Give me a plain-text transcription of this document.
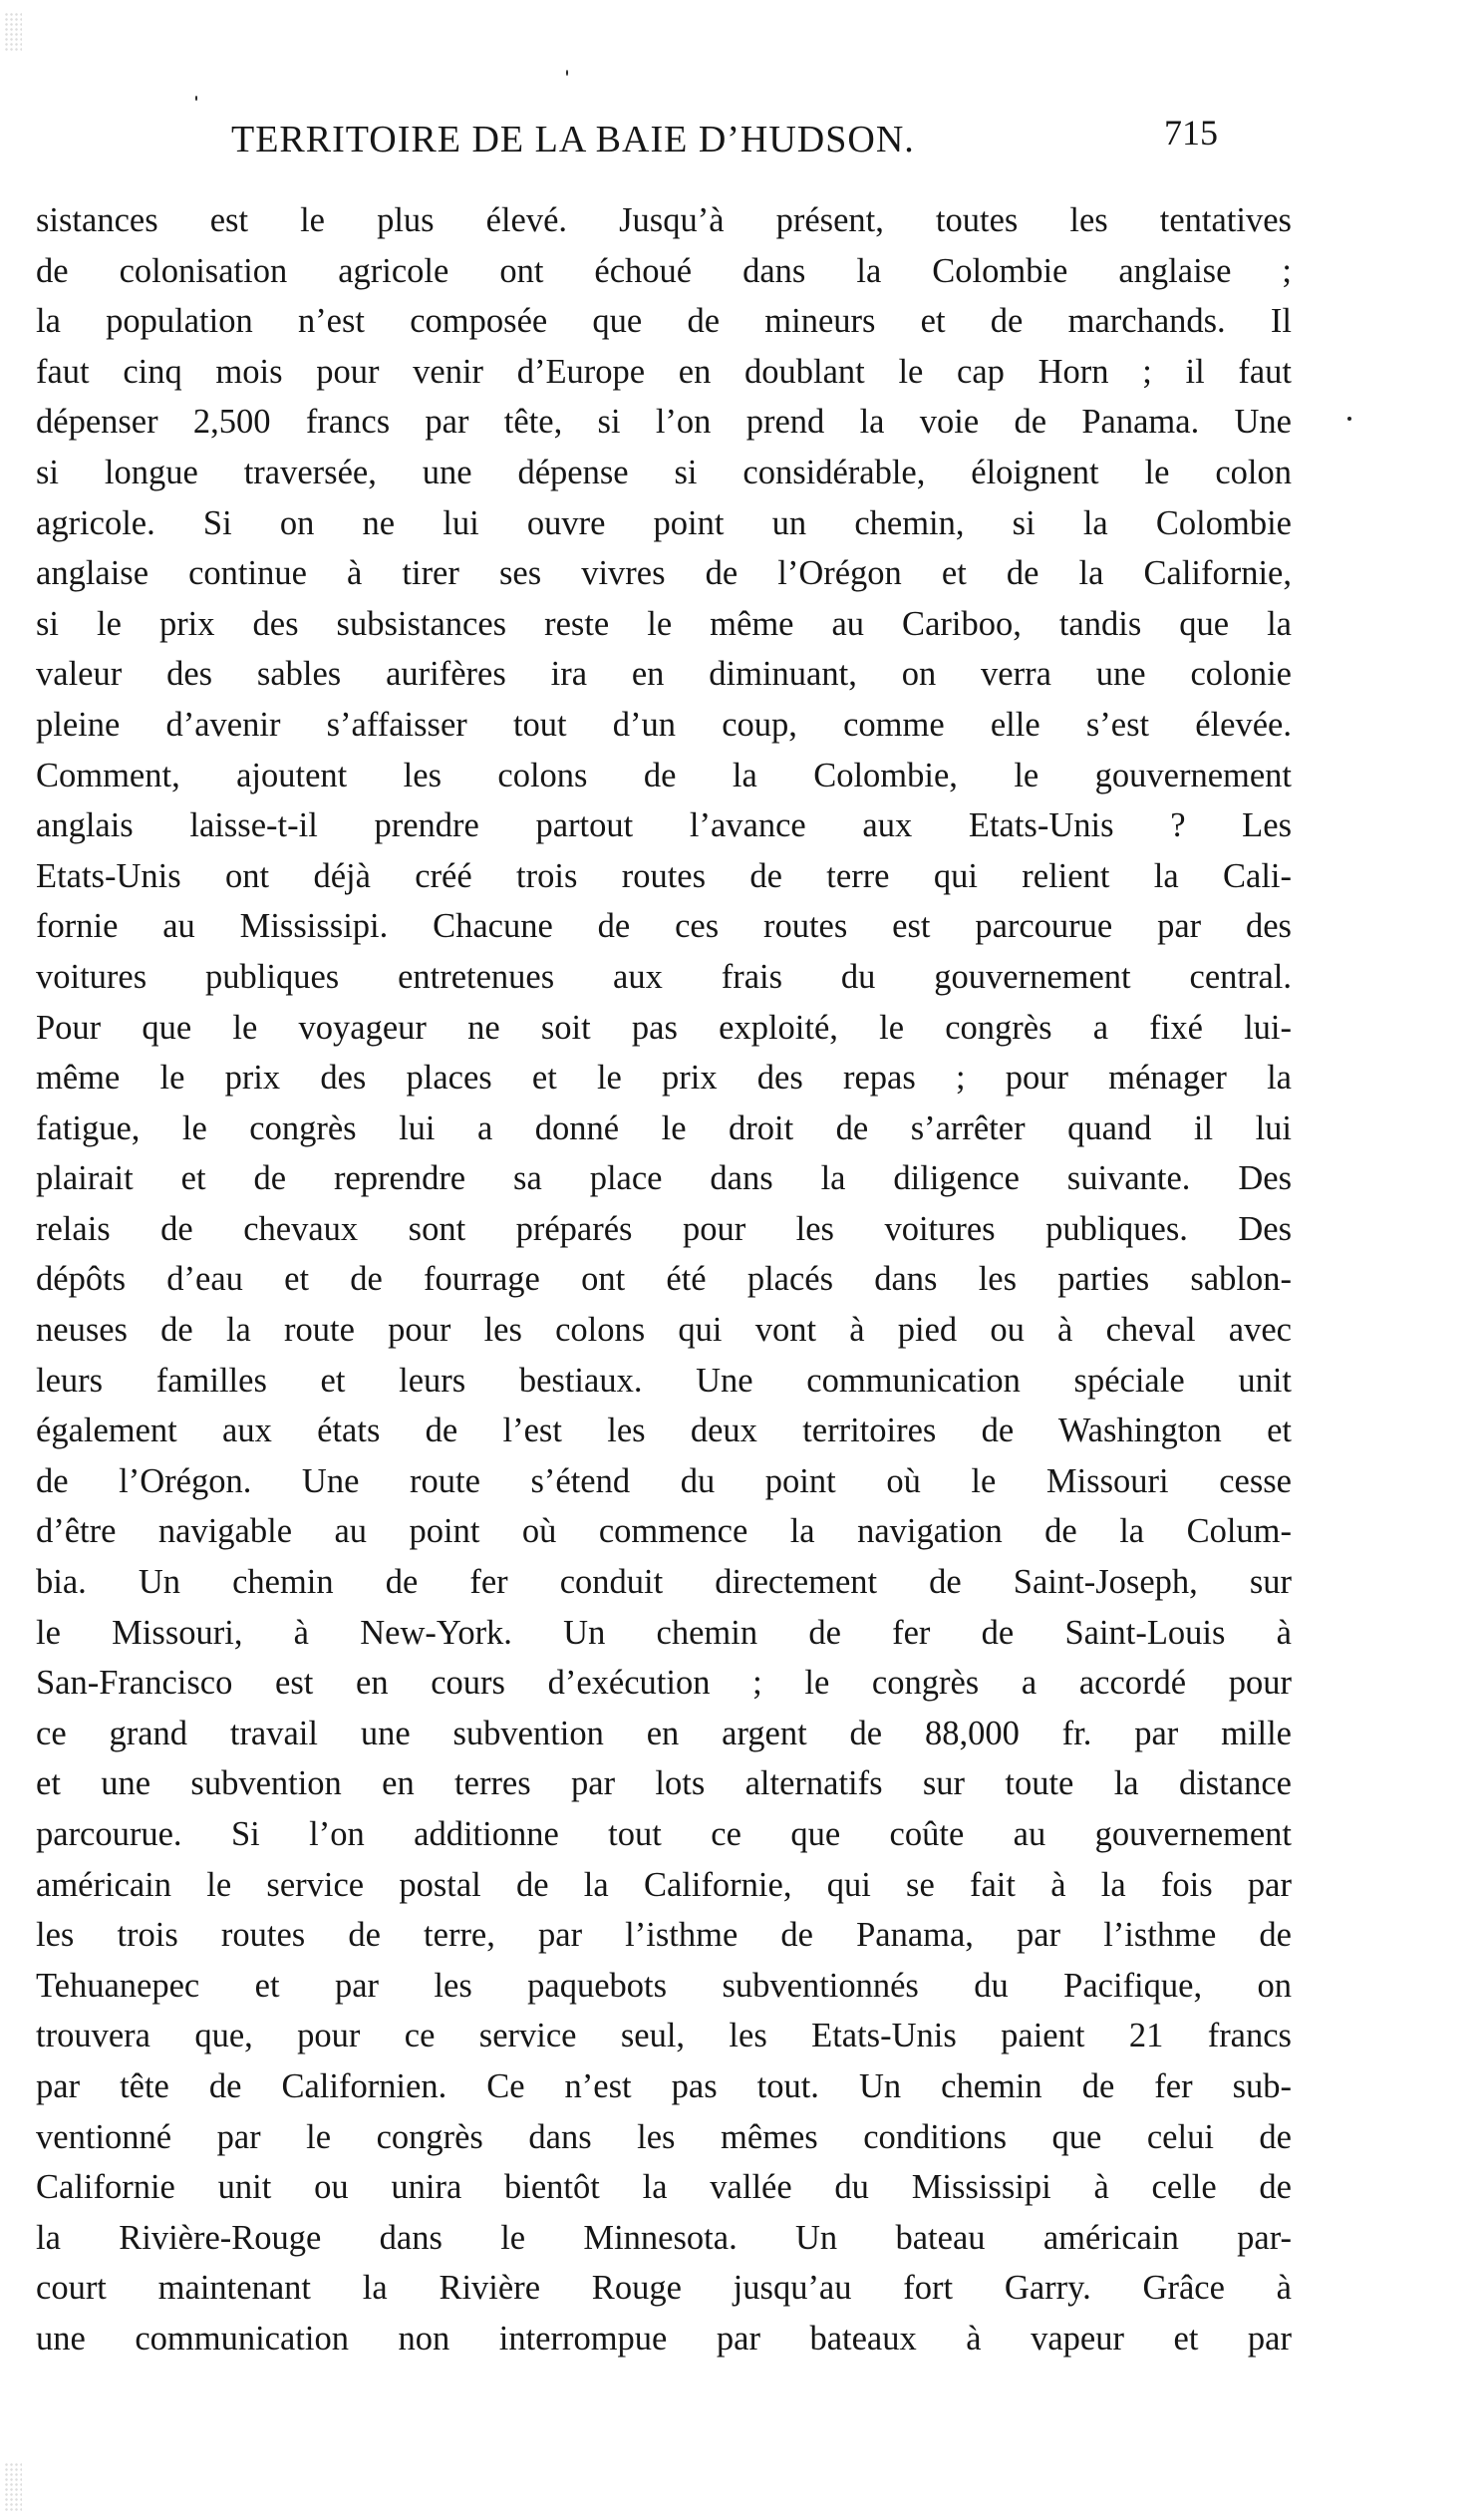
TERRITOIRE DE LA BAIE D’HUDSON.	715
sistances est le plus élevé. Jusqu’à présent, toutes les tentatives
de colonisation agricole ont échoué dans la Colombie anglaise ;
la population n’est composée que de mineurs et de marchands. Il
faut cinq mois pour venir d’Europe en doublant le cap Horn ; il faut
dépenser 2,500 francs par tête, si l’on prend la voie de Panama. Une
si longue traversée, une dépense si considérable, éloignent le colon
agricole. Si on ne lui ouvre point un chemin, si la Colombie
anglaise continue à tirer ses vivres de l’Orégon et de la Californie,
si le prix des subsistances reste le même au Cariboo, tandis que la
valeur des sables aurifères ira en diminuant, on verra une colonie
pleine d’avenir s’affaisser tout d’un coup, comme elle s’est élevée.
Comment, ajoutent les colons de la Colombie, le gouvernement
anglais laisse-t-il prendre partout l’avance aux Etats-Unis ? Les
Etats-Unis ont déjà créé trois routes de terre qui relient la Cali-
fornie au Mississipi. Chacune de ces routes est parcourue par des
voitures publiques entretenues aux frais du gouvernement central.
Pour que le voyageur ne soit pas exploité, le congrès a fixé lui-
même le prix des places et le prix des repas ; pour ménager la
fatigue, le congrès lui a donné le droit de s’arrêter quand il lui
plairait et de reprendre sa place dans la diligence suivante. Des
relais de chevaux sont préparés pour les voitures publiques. Des
dépôts d’eau et de fourrage ont été placés dans les parties sablon-
neuses de la route pour les colons qui vont à pied ou à cheval avec
leurs familles et leurs bestiaux. Une communication spéciale unit
également aux états de l’est les deux territoires de Washington et
de l’Orégon. Une route s’étend du point où le Missouri cesse
d’être navigable au point où commence la navigation de la Colum-
bia. Un chemin de fer conduit directement de Saint-Joseph, sur
le Missouri, à New-York. Un chemin de fer de Saint-Louis à
San-Francisco est en cours d’exécution ; le congrès a accordé pour
ce grand travail une subvention en argent de 88,000 fr. par mille
et une subvention en terres par lots alternatifs sur toute la distance
parcourue. Si l’on additionne tout ce que coûte au gouvernement
américain le service postal de la Californie, qui se fait à la fois par
les trois routes de terre, par l’isthme de Panama, par l’isthme de
Tehuanepec et par les paquebots subventionnés du Pacifique, on
trouvera que, pour ce service seul, les Etats-Unis paient 21 francs
par tête de Californien. Ce n’est pas tout. Un chemin de fer sub-
ventionné par le congrès dans les mêmes conditions que celui de
Californie unit ou unira bientôt la vallée du Mississipi à celle de
la Rivière-Rouge dans le Minnesota. Un bateau américain par-
court maintenant la Rivière Rouge jusqu’au fort Garry. Grâce à
une communication non interrompue par bateaux à vapeur et par
